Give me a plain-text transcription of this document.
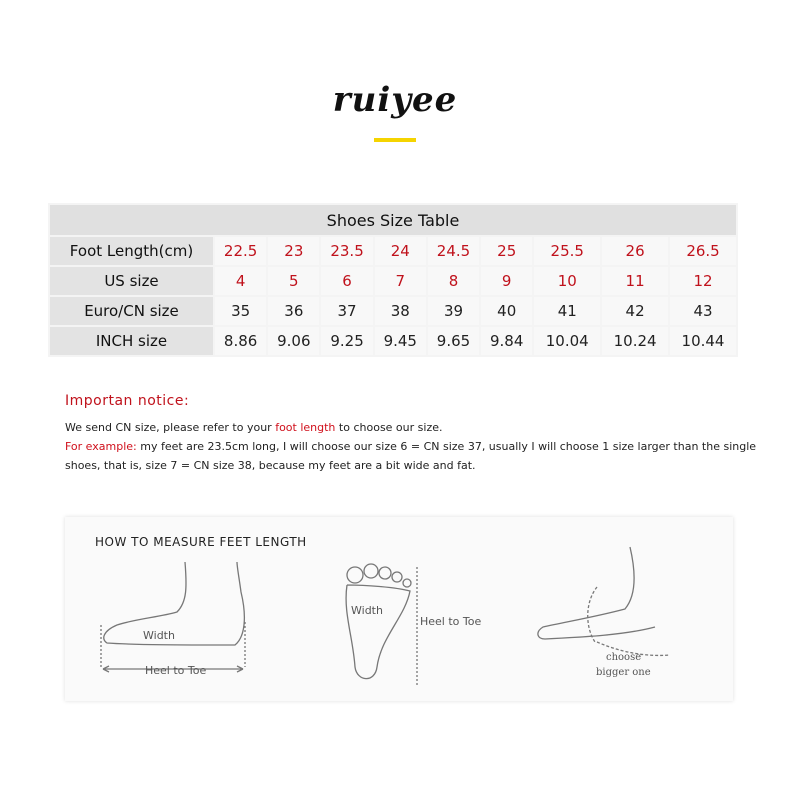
ruiyee
Shoes Size Table									
Foot Length(cm)	22.5	23	23.5	24	24.5	25	25.5	26	26.5
US size	4	5	6	7	8	9	10	11	12
Euro/CN size	35	36	37	38	39	40	41	42	43
INCH size	8.86	9.06	9.25	9.45	9.65	9.84	10.04	10.24	10.44
Importan notice:
We send CN size, please refer to your foot length to choose our size.
For example: my feet are 23.5cm long, I will choose our size 6 = CN size 37, usually I will choose 1 size larger than the single shoes, that is, size 7 = CN size 38, because my feet are a bit wide and fat.
HOW TO MEASURE FEET LENGTH
Width
Heel to Toe
Width
Heel to Toe
choose
bigger one
